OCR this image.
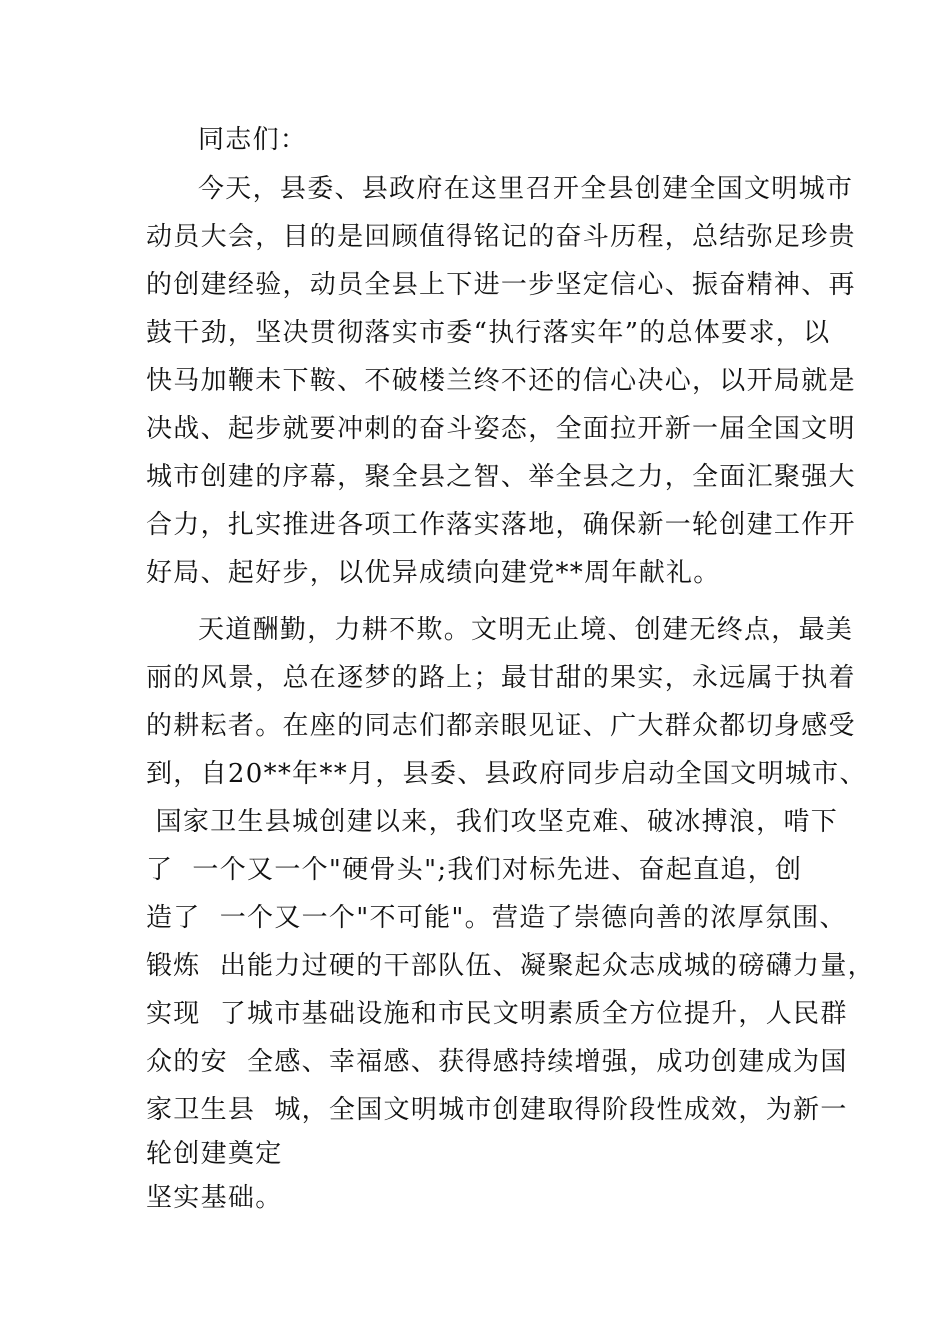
同志们：
今天，县委、县政府在这里召开全县创建全国文明城市
动员大会，目的是回顾值得铭记的奋斗历程，总结弥足珍贵
的创建经验，动员全县上下进一步坚定信心、振奋精神、再
鼓干劲，坚决贯彻落实市委“执行落实年”的总体要求，以
快马加鞭未下鞍、不破楼兰终不还的信心决心，以开局就是
决战、起步就要冲刺的奋斗姿态，全面拉开新一届全国文明
城市创建的序幕，聚全县之智、举全县之力，全面汇聚强大
合力，扎实推进各项工作落实落地，确保新一轮创建工作开
好局、起好步，以优异成绩向建党**周年献礼。
天道酬勤，力耕不欺。文明无止境、创建无终点，最美
丽的风景，总在逐梦的路上；最甘甜的果实，永远属于执着
的耕耘者。在座的同志们都亲眼见证、广大群众都切身感受
到，自20**年**月，县委、县政府同步启动全国文明城市、
国家卫生县城创建以来，我们攻坚克难、破冰搏浪，啃下
了  一个又一个"硬骨头";我们对标先进、奋起直追，创
造了  一个又一个"不可能"。营造了崇德向善的浓厚氛围、
锻炼  出能力过硬的干部队伍、凝聚起众志成城的磅礴力量，
实现  了城市基础设施和市民文明素质全方位提升，人民群
众的安  全感、幸福感、获得感持续增强，成功创建成为国
家卫生县  城，全国文明城市创建取得阶段性成效，为新一
轮创建奠定
坚实基础。
